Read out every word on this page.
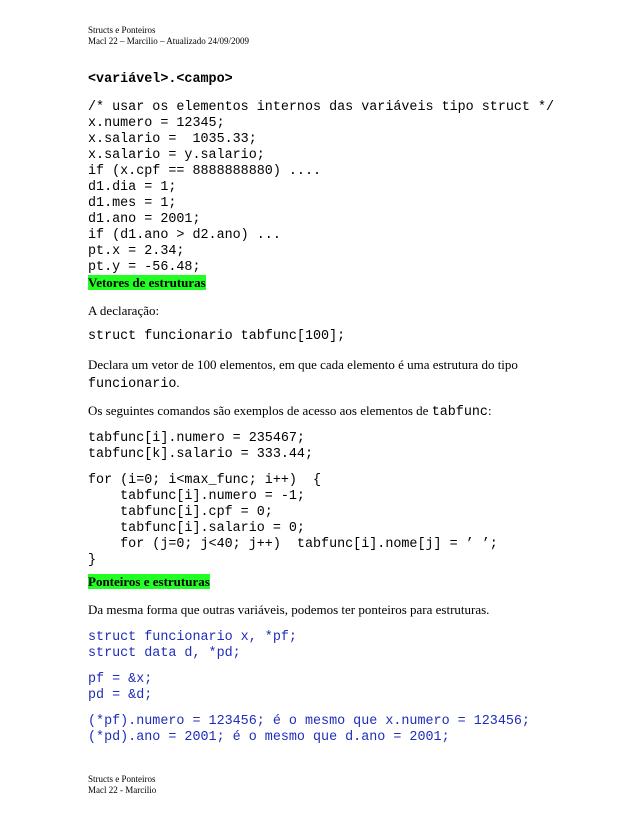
Structs e Ponteiros
Macl 22 – Marcilio – Atualizado 24/09/2009
<variável>.<campo>
/* usar os elementos internos das variáveis tipo struct */
x.numero = 12345;
x.salario =  1035.33;
x.salario = y.salario;
if (x.cpf == 8888888880) ....
d1.dia = 1;
d1.mes = 1;
d1.ano = 2001;
if (d1.ano > d2.ano) ...
pt.x = 2.34;
pt.y = -56.48;
Vetores de estruturas
A declaração:
struct funcionario tabfunc[100];
Declara um vetor de 100 elementos, em que cada elemento é uma estrutura do tipo
funcionario.
Os seguintes comandos são exemplos de acesso aos elementos de tabfunc:
tabfunc[i].numero = 235467;
tabfunc[k].salario = 333.44;
for (i=0; i<max_func; i++)  {
tabfunc[i].numero = -1;
tabfunc[i].cpf = 0;
tabfunc[i].salario = 0;
for (j=0; j<40; j++)  tabfunc[i].nome[j] = ’ ’;
}
Ponteiros e estruturas
Da mesma forma que outras variáveis, podemos ter ponteiros para estruturas.
struct funcionario x, *pf;
struct data d, *pd;
pf = &x;
pd = &d;
(*pf).numero = 123456; é o mesmo que x.numero = 123456;
(*pd).ano = 2001; é o mesmo que d.ano = 2001;
Structs e Ponteiros
Macl 22 - Marcilio
